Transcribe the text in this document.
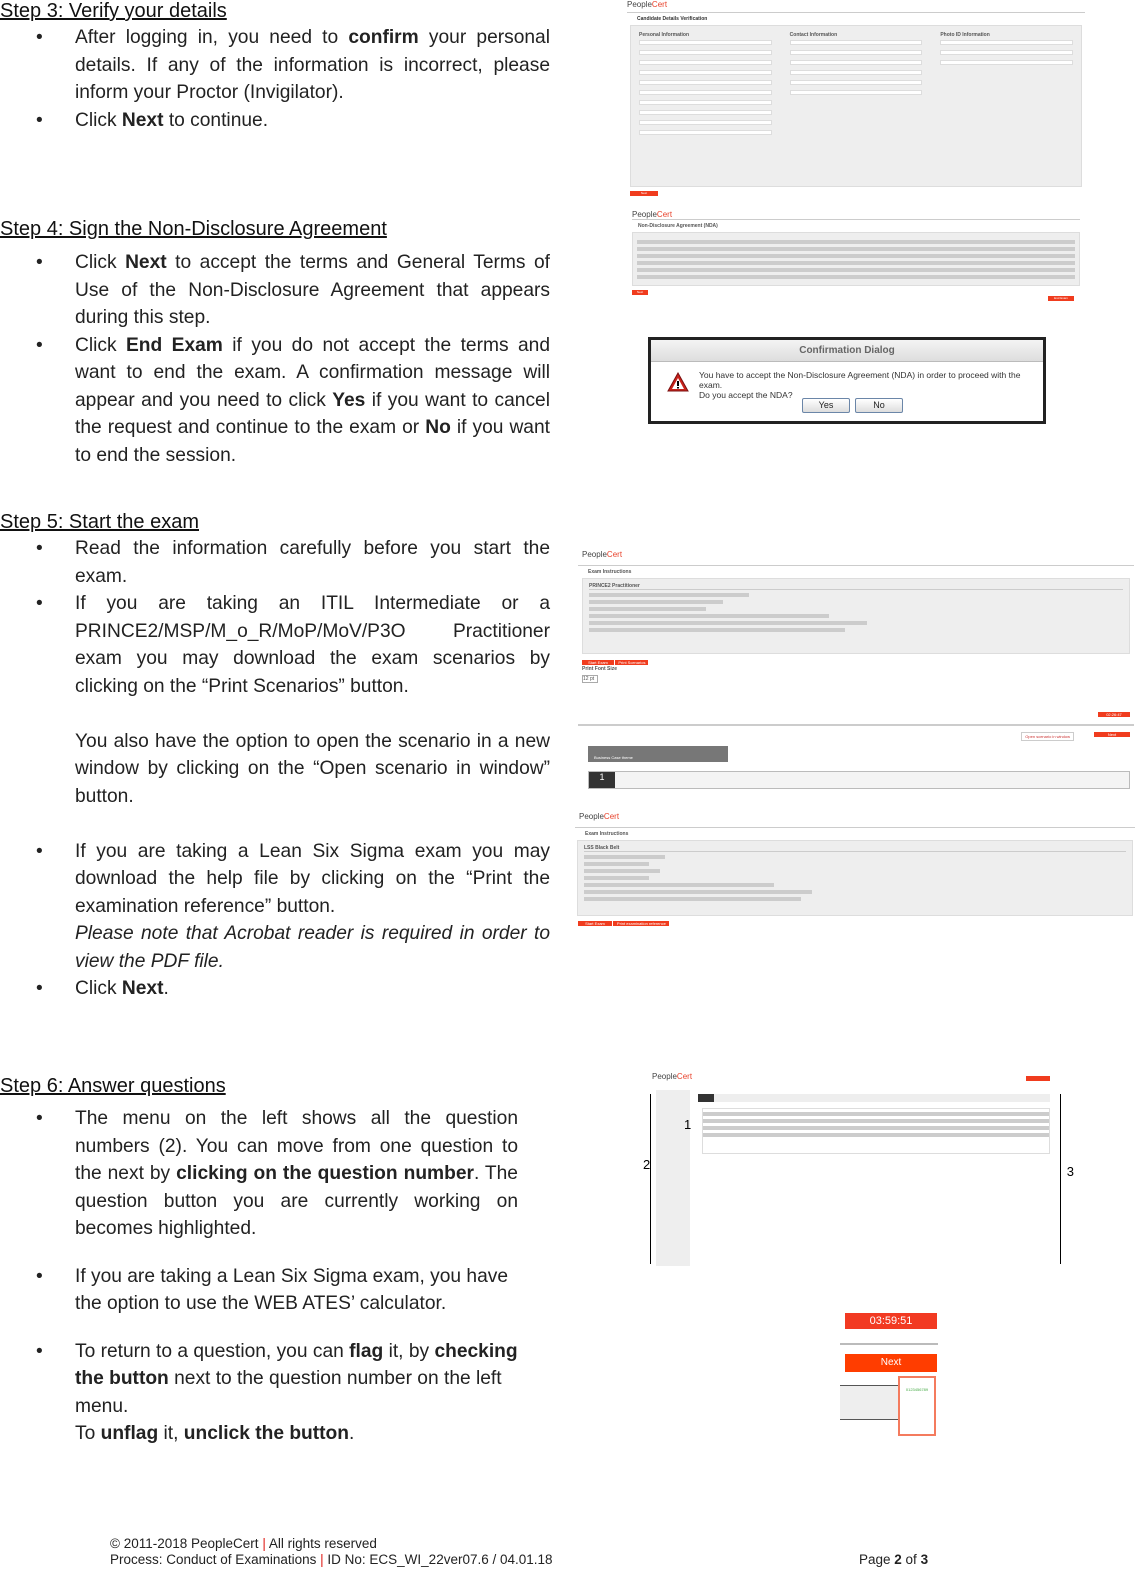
Step 3: Verify your details
• After logging in, you need to confirm your personal details. If any of the information is incorrect, please inform your Proctor (Invigilator).
• Click Next to continue.
Step 4: Sign the Non-Disclosure Agreement
• Click Next to accept the terms and General Terms of Use of the Non-Disclosure Agreement that appears during this step.
• Click End Exam if you do not accept the terms and want to end the exam. A confirmation message will appear and you need to click Yes if you want to cancel the request and continue to the exam or No if you want to end the session.
Step 5: Start the exam
• Read the information carefully before you start the exam.
• If you are taking an ITIL Intermediate or a PRINCE2/MSP/M_o_R/MoP/MoV/P3O Practitioner exam you may download the exam scenarios by clicking on the “Print Scenarios” button.
You also have the option to open the scenario in a new window by clicking on the “Open scenario in window” button.
• If you are taking a Lean Six Sigma exam you may download the help file by clicking on the “Print the examination reference” button.
Please note that Acrobat reader is required in order to view the PDF file.
• Click Next.
Step 6: Answer questions
• The menu on the left shows all the question numbers (2). You can move from one question to the next by clicking on the question number. The question button you are currently working on becomes highlighted.
• If you are taking a Lean Six Sigma exam, you have the option to use the WEB ATES’ calculator.
• To return to a question, you can flag it, by checking the button next to the question number on the left menu.
To unflag it, unclick the button.
PeopleCert
Candidate Details Verification
Personal Information	Contact Information	Photo ID Information
Next
PeopleCert
Non-Disclosure Agreement (NDA)
Next
End Exam
Confirmation Dialog
You have to accept the Non-Disclosure Agreement (NDA) in order to proceed with the exam.
Do you accept the NDA?
Yes	No
PeopleCert
Exam Instructions
PRINCE2 Practitioner
Start Exam	Print Scenarios
Print Font Size
12 pt
02:26:47
Open scenario in window	Next
Business Case theme
1
PeopleCert
Exam Instructions
LSS Black Belt
Start Exam	Print examination reference
PeopleCert
2
1
3
03:59:51
Next
0123456789
© 2011-2018 PeopleCert | All rights reserved
Process: Conduct of Examinations | ID No: ECS_WI_22ver07.6 / 04.01.18	Page 2 of 3
